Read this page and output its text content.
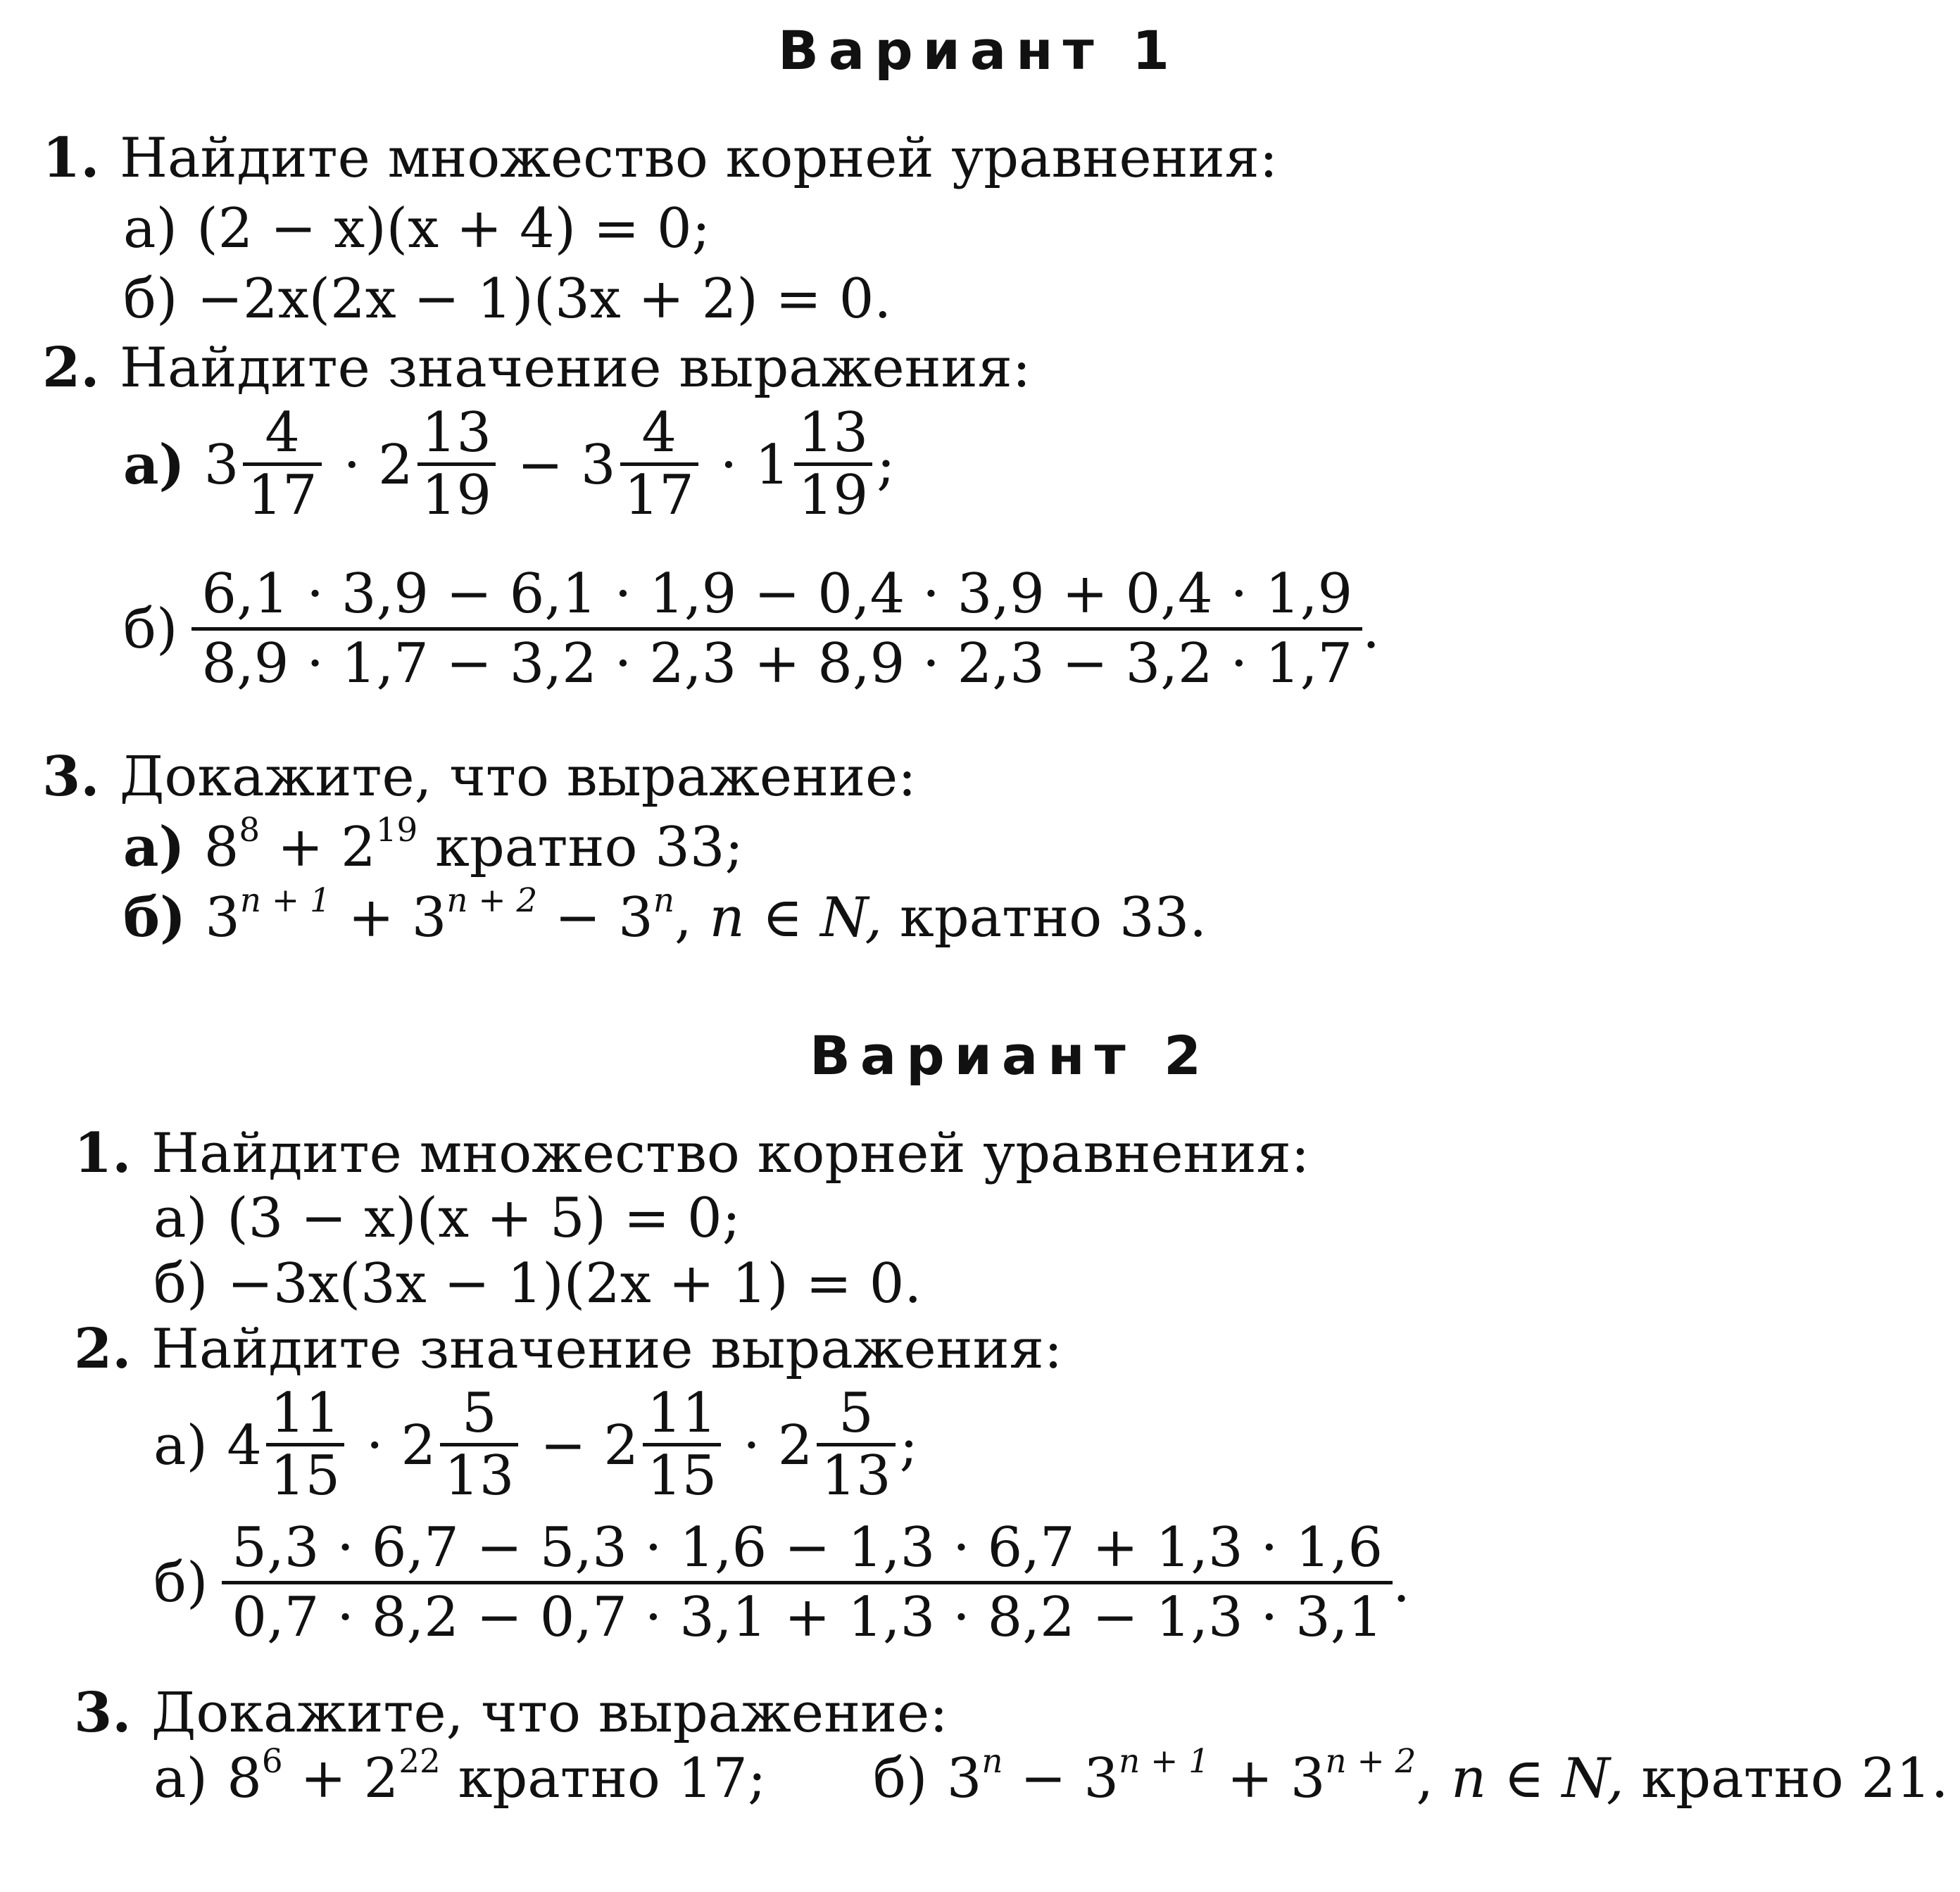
Вариант 1
1. Найдите множество корней уравнения:
а) (2 − x)(x + 4) = 0;
б) −2x(2x − 1)(3x + 2) = 0.
2. Найдите значение выражения:
а) $3 \frac{4}{17} \cdot 2 \frac{13}{19} - 3 \frac{4}{17} \cdot 1 \frac{13}{19}$ ;
$б) \frac{6,1 \cdot 3,9 - 6,1 \cdot 1,9 - 0,4 \cdot 3,9 + 0,4 \cdot 1,9}{8,9 \cdot 1,7 - 3,2 \cdot 2,3 + 8,9 \cdot 2,3 - 3,2 \cdot 1,7}$ .
3. Докажите, что выражение:
а) $8^8 + 2^{19}$
кратно 33;
б) 3 $^{n + 1}$ + 3 $^{n + 2}$ − 3 $^n$ , n ∈ N,
кратно 33.
Вариант 2
1. Найдите множество корней уравнения:
а) (3 − x)(x + 5) = 0;
б) −3x(3x − 1)(2x + 1) = 0.
2. Найдите значение выражения:
а) $4 \frac{11}{15} \cdot 2 \frac{5}{13} - 2 \frac{11}{15} \cdot 2 \frac{5}{13}$ ;
$б) \frac{5,3 \cdot 6,7 - 5,3 \cdot 1,6 - 1,3 \cdot 6,7 + 1,3 \cdot 1,6}{0,7 \cdot 8,2 - 0,7 \cdot 3,1 + 1,3 \cdot 8,2 - 1,3 \cdot 3,1}$ .
3. Докажите, что выражение:
а) $8^6 + 2^{22}$
кратно 17; б) 3 $^n$ − 3 $^{n + 1}$ + 3 $^{n + 2}$ , n ∈ N,
кратно 21.
